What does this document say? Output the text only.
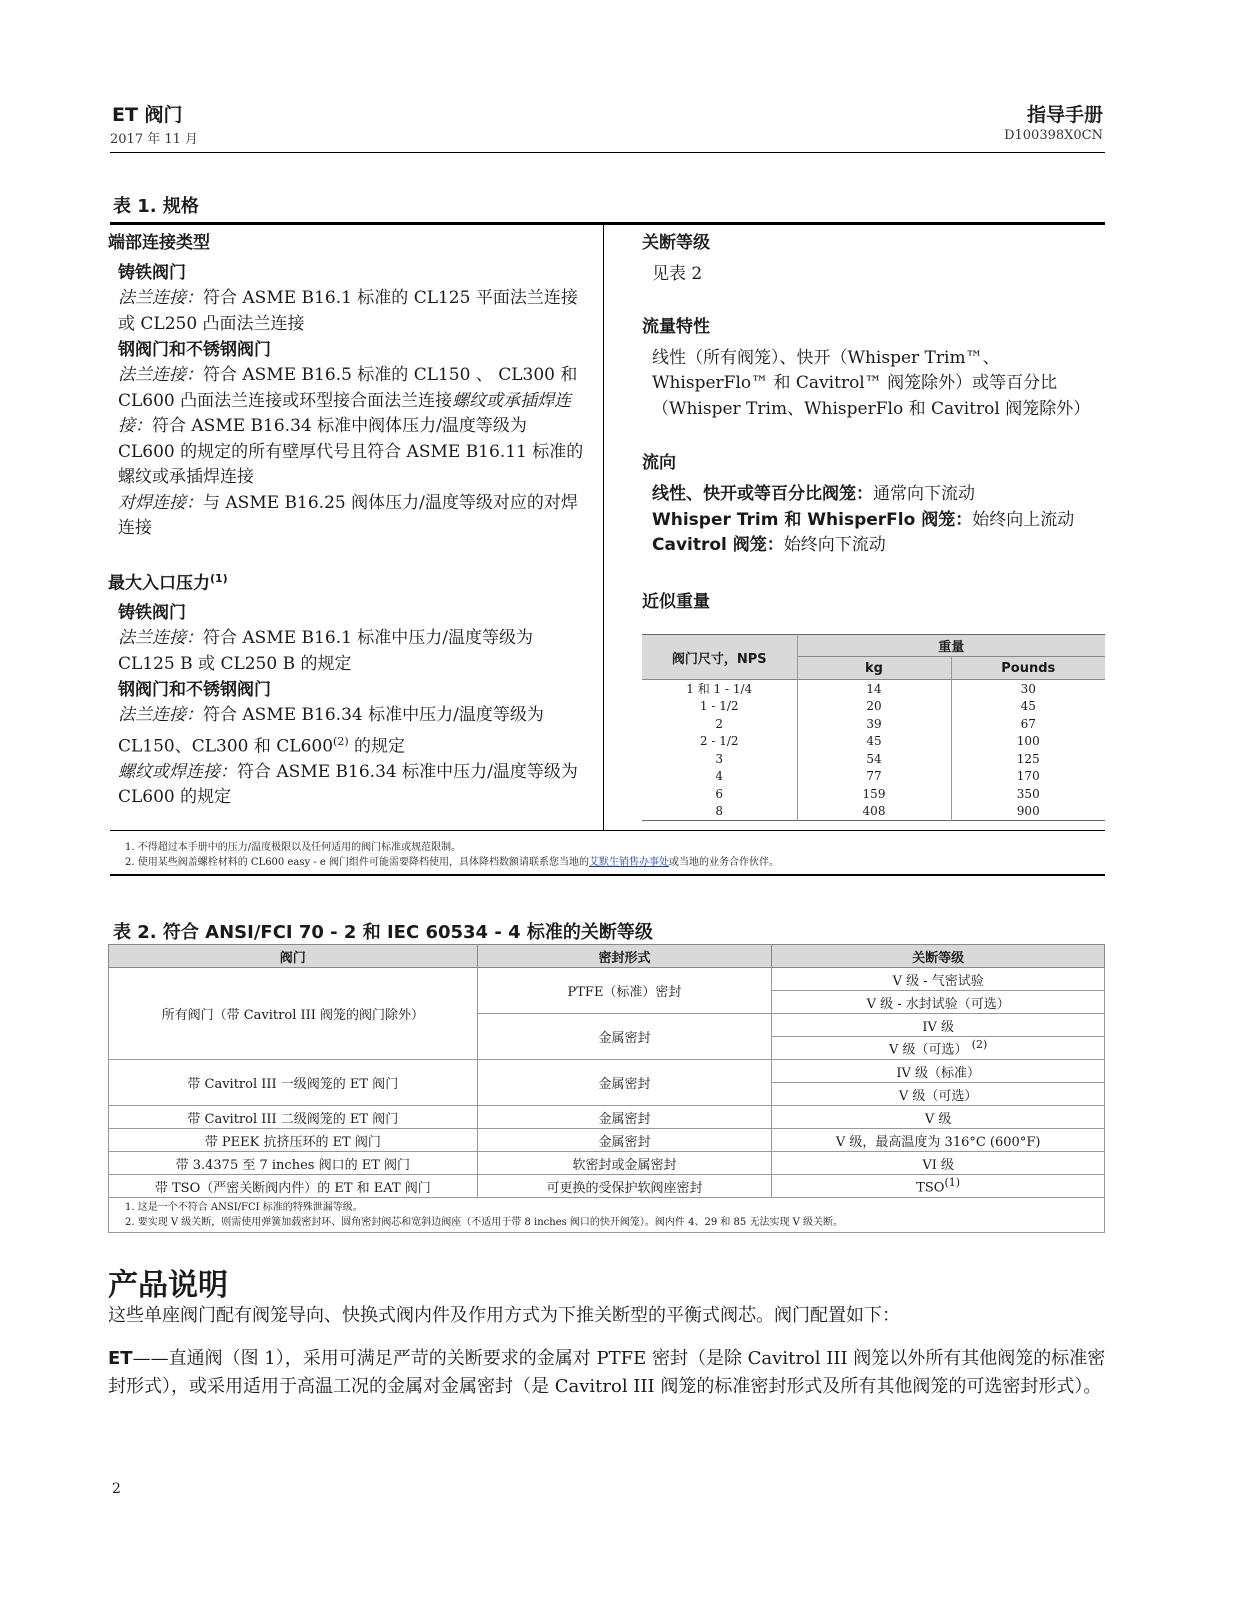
ET 阀门
2017 年 11 月
指导手册
D100398X0CN
表 1. 规格

端部连接类型

铸铁阀门

法兰连接：符合 ASME B16.1 标准的 CL125 平面法兰连接或 CL250 凸面法兰连接

钢阀门和不锈钢阀门

法兰连接：符合 ASME B16.5 标准的 CL150 、 CL300 和 CL600 凸面法兰连接或环型接合面法兰连接螺纹或承插焊连接：符合 ASME B16.34 标准中阀体压力/温度等级为 CL600 的规定的所有壁厚代号且符合 ASME B16.11 标准的螺纹或承插焊连接
对焊连接：与 ASME B16.25 阀体压力/温度等级对应的对焊连接

最大入口压力$^{(1)}$

铸铁阀门

法兰连接：符合 ASME B16.1 标准中压力/温度等级为 CL125 B 或 CL250 B 的规定

钢阀门和不锈钢阀门

法兰连接：符合 ASME B16.34 标准中压力/温度等级为 CL150、CL300 和 CL600$^{(2)}$ 的规定

螺纹或焊连接：符合 ASME B16.34 标准中压力/温度等级为 CL600 的规定

关断等级

见表 2

流量特性

线性（所有阀笼）、快开（Whisper Trim™、WhisperFlo™ 和 Cavitrol™ 阀笼除外）或等百分比（Whisper Trim、WhisperFlo 和 Cavitrol 阀笼除外）

流向

线性、快开或等百分比阀笼：通常向下流动

Whisper Trim 和 WhisperFlo 阀笼：始终向上流动

Cavitrol 阀笼：始终向下流动

近似重量

阀门尺寸，NPS	重量	
	kg	Pounds
1 和 1 - 1/4	14	30
1 - 1/2	20	45
2	39	67
2 - 1/2	45	100
3	54	125
4	77	170
6	159	350
8	408	900
1. 不得超过本手册中的压力/温度极限以及任何适用的阀门标准或规范限制。
2. 使用某些阀盖螺栓材料的 CL600 easy - e 阀门组件可能需要降档使用，具体降档数额请联系您当地的艾默生销售办事处或当地的业务合作伙伴。
表 2. 符合 ANSI/FCI 70 - 2 和 IEC 60534 - 4 标准的关断等级
阀门	密封形式	关断等级
所有阀门（带 Cavitrol III 阀笼的阀门除外）	PTFE（标准）密封	V 级 - 气密试验
		V 级 - 水封试验（可选）
	金属密封	IV 级
		V 级（可选） $^{(2)}$
带 Cavitrol III 一级阀笼的 ET 阀门	金属密封	IV 级（标准）
		V 级（可选）
带 Cavitrol III 二级阀笼的 ET 阀门	金属密封	V 级
带 PEEK 抗挤压环的 ET 阀门	金属密封	V 级，最高温度为 316°C (600°F)
带 3.4375 至 7 inches 阀口的 ET 阀门	软密封或金属密封	VI 级
带 TSO（严密关断阀内件）的 ET 和 EAT 阀门	可更换的受保护软阀座密封	TSO$^{(1)}$

1. 这是一个不符合 ANSI/FCI 标准的特殊泄漏等级。
2. 要实现 V 级关断，则需使用弹簧加载密封环、圆角密封阀芯和宽斜边阀座（不适用于带 8 inches 阀口的快开阀笼）。阀内件 4、29 和 85 无法实现 V 级关断。		
产品说明
这些单座阀门配有阀笼导向、快换式阀内件及作用方式为下推关断型的平衡式阀芯。阀门配置如下：
ET——直通阀（图 1），采用可满足严苛的关断要求的金属对 PTFE 密封（是除 Cavitrol III 阀笼以外所有其他阀笼的标准密封形式），或采用适用于高温工况的金属对金属密封（是 Cavitrol III 阀笼的标准密封形式及所有其他阀笼的可选密封形式）。
2
